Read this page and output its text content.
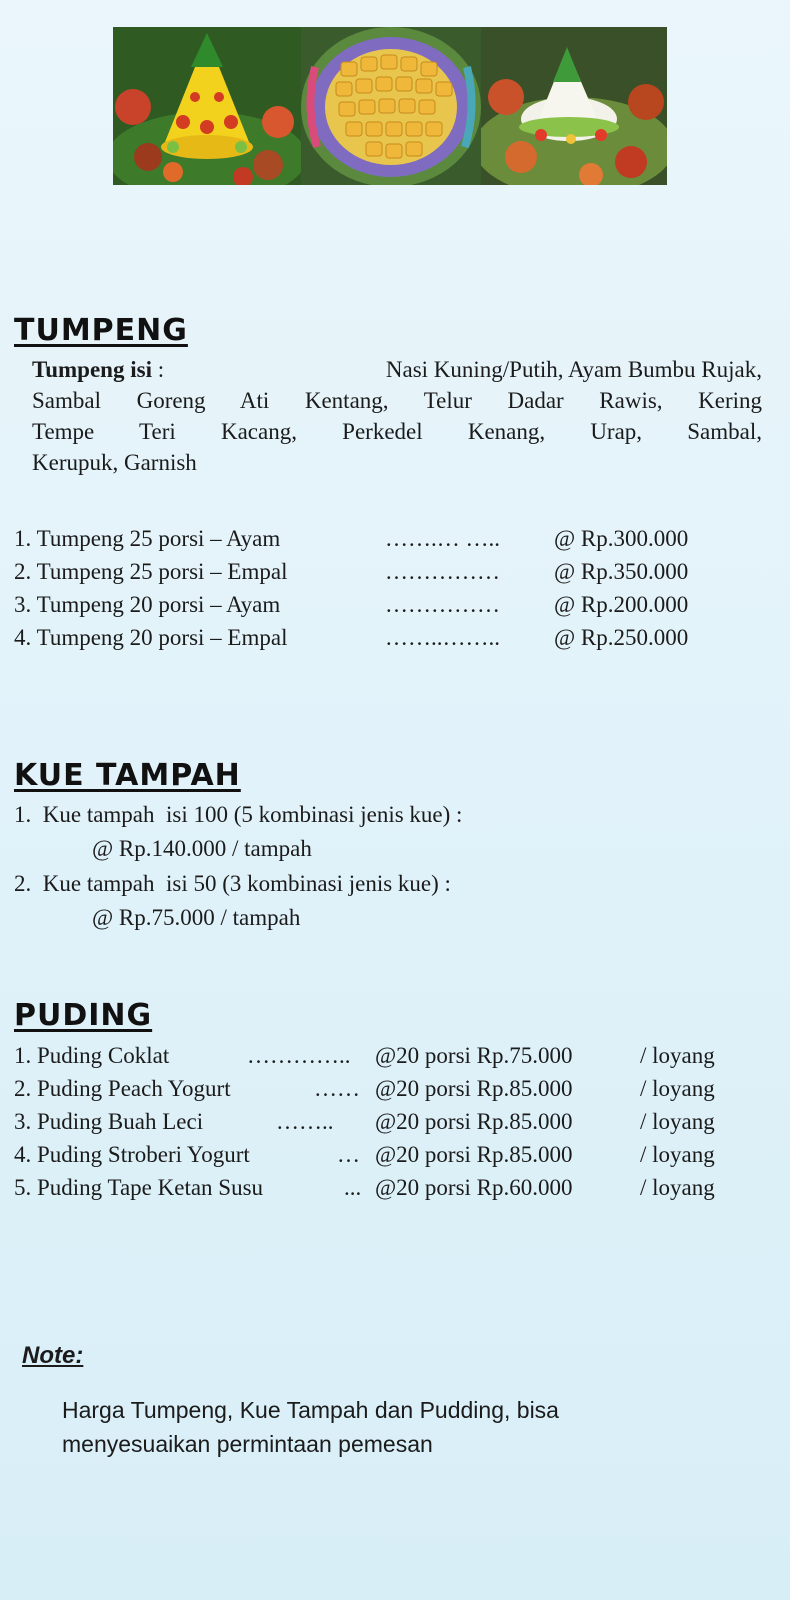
TUMPENG
Tumpeng isi :	Nasi Kuning/Putih, Ayam Bumbu Rujak,
Sambal Goreng Ati Kentang, Telur Dadar Rawis, Kering
Tempe Teri Kacang, Perkedel Kenang, Urap, Sambal,
Kerupuk, Garnish
1. Tumpeng 25 porsi – Ayam	…….… ….. @ Rp.300.000
2. Tumpeng 25 porsi – Empal	…………… @ Rp.350.000
3. Tumpeng 20 porsi – Ayam	…………… @ Rp.200.000
4. Tumpeng 20 porsi – Empal	……..…….. @ Rp.250.000
KUE TAMPAH
1.  Kue tampah  isi 100 (5 kombinasi jenis kue) :
@ Rp.140.000 / tampah
2.  Kue tampah  isi 50 (3 kombinasi jenis kue) :
@ Rp.75.000 / tampah
PUDING
1. Puding Coklat	………….. @20 porsi Rp.75.000	/ loyang
2. Puding Peach Yogurt	…… @20 porsi Rp.85.000	/ loyang
3. Puding Buah Leci	…….. @20 porsi Rp.85.000	/ loyang
4. Puding Stroberi Yogurt	… @20 porsi Rp.85.000	/ loyang
5. Puding Tape Ketan Susu	... @20 porsi Rp.60.000	/ loyang
Note:
Harga Tumpeng, Kue Tampah dan Pudding, bisa
menyesuaikan permintaan pemesan
